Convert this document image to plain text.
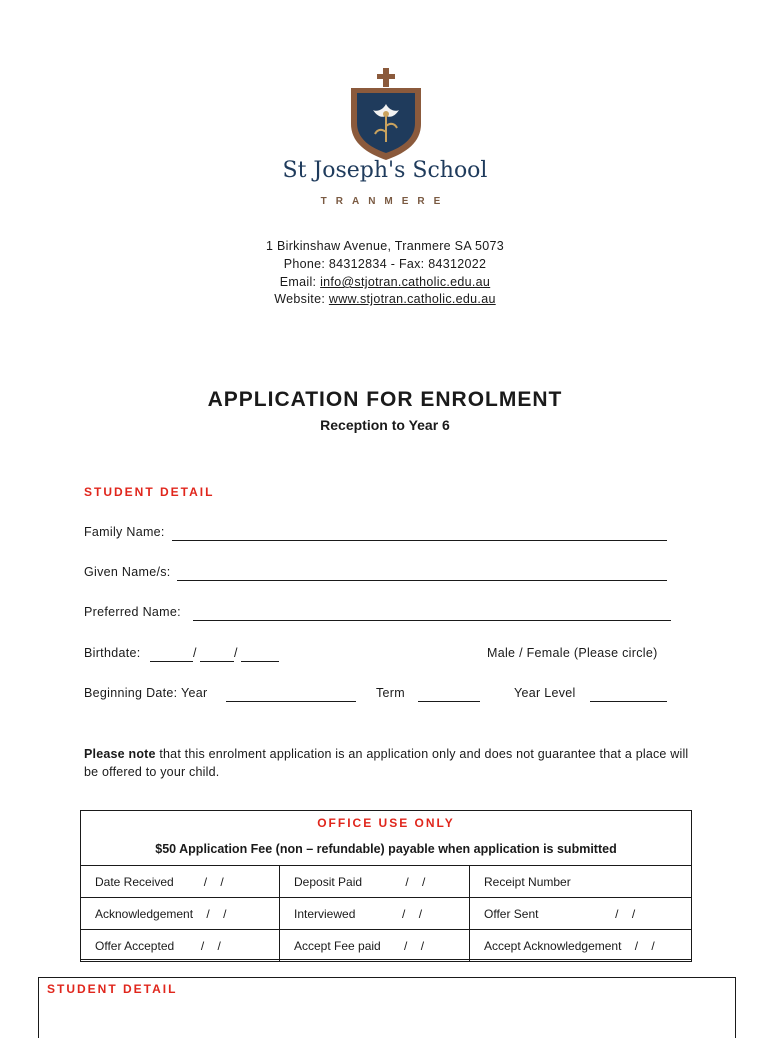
St Joseph's School
TRANMERE
1 Birkinshaw Avenue, Tranmere SA 5073
Phone: 84312834 - Fax: 84312022
Email: info@stjotran.catholic.edu.au
Website: www.stjotran.catholic.edu.au
APPLICATION FOR ENROLMENT
Reception to Year 6
STUDENT DETAIL
Family Name:
Given Name/s:
Preferred Name:
Birthdate:	/	/	Male / Female (Please circle)
Beginning Date: Year	Term	Year Level
Please note that this enrolment application is an application only and does not guarantee that a place will be offered to your child.
OFFICE USE ONLY
$50 Application Fee (non – refundable) payable when application is submitted
Date Received         /    /	Deposit Paid             /    /	Receipt Number
Acknowledgement    /    /	Interviewed              /    /	Offer Sent                       /    /
Offer Accepted        /    /	Accept Fee paid       /    /	Accept Acknowledgement    /    /
STUDENT DETAIL
